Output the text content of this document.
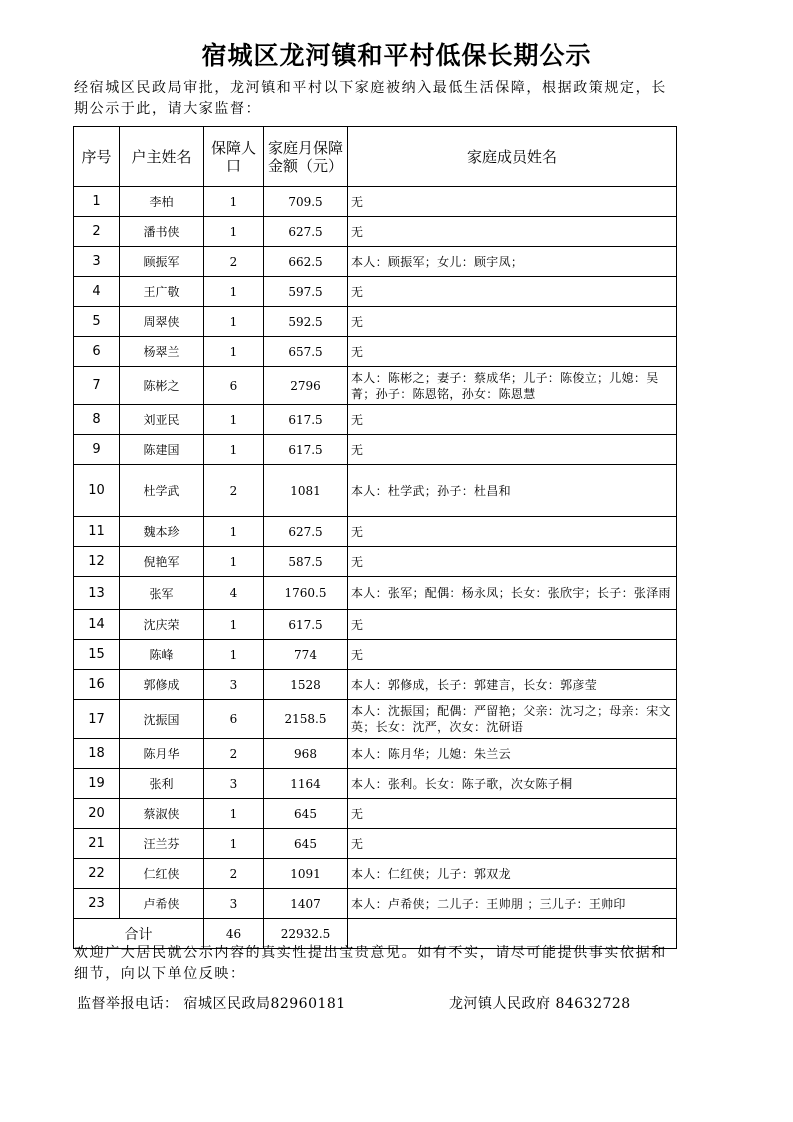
宿城区龙河镇和平村低保长期公示
经宿城区民政局审批，龙河镇和平村以下家庭被纳入最低生活保障，根据政策规定，长期公示于此，请大家监督：
序号	户主姓名	保障人口	家庭月保障金额（元）	家庭成员姓名
1	李柏	1	709.5	无
2	潘书侠	1	627.5	无
3	顾振军	2	662.5	本人：顾振军；女儿：顾宇凤；
4	王广敬	1	597.5	无
5	周翠侠	1	592.5	无
6	杨翠兰	1	657.5	无
7	陈彬之	6	2796	本人：陈彬之；妻子：蔡成华；儿子：陈俊立；儿媳：吴菁；孙子：陈恩铭，孙女：陈恩慧
8	刘亚民	1	617.5	无
9	陈建国	1	617.5	无
10	杜学武	2	1081	本人：杜学武；孙子：杜昌和
11	魏本珍	1	627.5	无
12	倪艳军	1	587.5	无
13	张军	4	1760.5	本人：张军；配偶：杨永凤；长女：张欣宇；长子：张泽雨
14	沈庆荣	1	617.5	无
15	陈峰	1	774	无
16	郭修成	3	1528	本人：郭修成，长子：郭建言，长女：郭彦莹
17	沈振国	6	2158.5	本人：沈振国；配偶：严留艳；父亲：沈习之；母亲：宋文英；长女：沈严，次女：沈研语
18	陈月华	2	968	本人：陈月华；儿媳：朱兰云
19	张利	3	1164	本人：张利。长女：陈子歌，次女陈子桐
20	蔡淑侠	1	645	无
21	汪兰芬	1	645	无
22	仁红侠	2	1091	本人：仁红侠；儿子：郭双龙
23	卢希侠	3	1407	本人：卢希侠；二儿子：王帅朋 ；三儿子：王帅印
合计		46	22932.5	
欢迎广大居民就公示内容的真实性提出宝贵意见。如有不实，请尽可能提供事实依据和细节，向以下单位反映：
监督举报电话： 宿城区民政局82960181	龙河镇人民政府 84632728
